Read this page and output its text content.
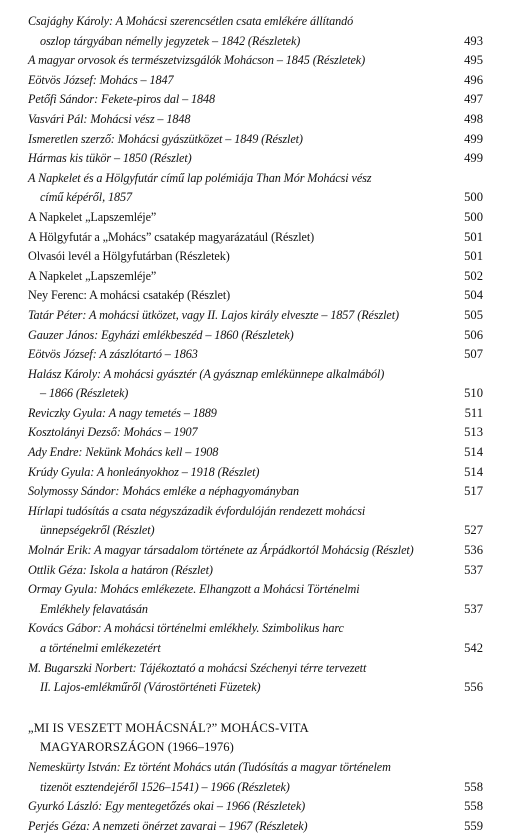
Csajághy Károly: A Mohácsi szerencsétlen csata emlékére állítandó
oszlop tárgyában némelly jegyzetek – 1842 (Részletek)	493
A magyar orvosok és természetvizsgálók Mohácson – 1845 (Részletek)	495
Eötvös József: Mohács – 1847	496
Petőfi Sándor: Fekete-piros dal – 1848	497
Vasvári Pál: Mohácsi vész – 1848	498
Ismeretlen szerző: Mohácsi gyászütközet – 1849 (Részlet)	499
Hármas kis tükör – 1850 (Részlet)	499
A Napkelet és a Hölgyfutár című lap polémiája Than Mór Mohácsi vész
című képéről, 1857	500
A Napkelet „Lapszemléje”	500
A Hölgyfutár a „Mohács” csatakép magyarázatául (Részlet)	501
Olvasói levél a Hölgyfutárban (Részletek)	501
A Napkelet „Lapszemléje”	502
Ney Ferenc: A mohácsi csatakép (Részlet)	504
Tatár Péter: A mohácsi ütközet, vagy II. Lajos király elveszte – 1857 (Részlet)	505
Gauzer János: Egyházi emlékbeszéd – 1860 (Részletek)	506
Eötvös József: A zászlótartó – 1863	507
Halász Károly: A mohácsi gyásztér (A gyásznap emlékünnepe alkalmából)
– 1866 (Részletek)	510
Reviczky Gyula: A nagy temetés – 1889	511
Kosztolányi Dezső: Mohács – 1907	513
Ady Endre: Nekünk Mohács kell – 1908	514
Krúdy Gyula: A honleányokhoz – 1918 (Részlet)	514
Solymossy Sándor: Mohács emléke a néphagyományban	517
Hírlapi tudósítás a csata négyszázadik évfordulóján rendezett mohácsi
ünnepségekről (Részlet)	527
Molnár Erik: A magyar társadalom története az Árpádkortól Mohácsig (Részlet)	536
Ottlik Géza: Iskola a határon (Részlet)	537
Ormay Gyula: Mohács emlékezete. Elhangzott a Mohácsi Történelmi
Emlékhely felavatásán	537
Kovács Gábor: A mohácsi történelmi emlékhely. Szimbolikus harc
a történelmi emlékezetért	542
M. Bugarszki Norbert: Tájékoztató a mohácsi Széchenyi térre tervezett
II. Lajos-emlékműről (Várostörténeti Füzetek)	556
„MI IS VESZETT MOHÁCSNÁL?” MOHÁCS-VITA
MAGYARORSZÁGON (1966–1976)
Nemeskürty István: Ez történt Mohács után (Tudósítás a magyar történelem
tizenöt esztendejéről 1526–1541) – 1966 (Részletek)	558
Gyurkó László: Egy mentegetőzés okai – 1966 (Részletek)	558
Perjés Géza: A nemzeti önérzet zavarai – 1967 (Részletek)	559
